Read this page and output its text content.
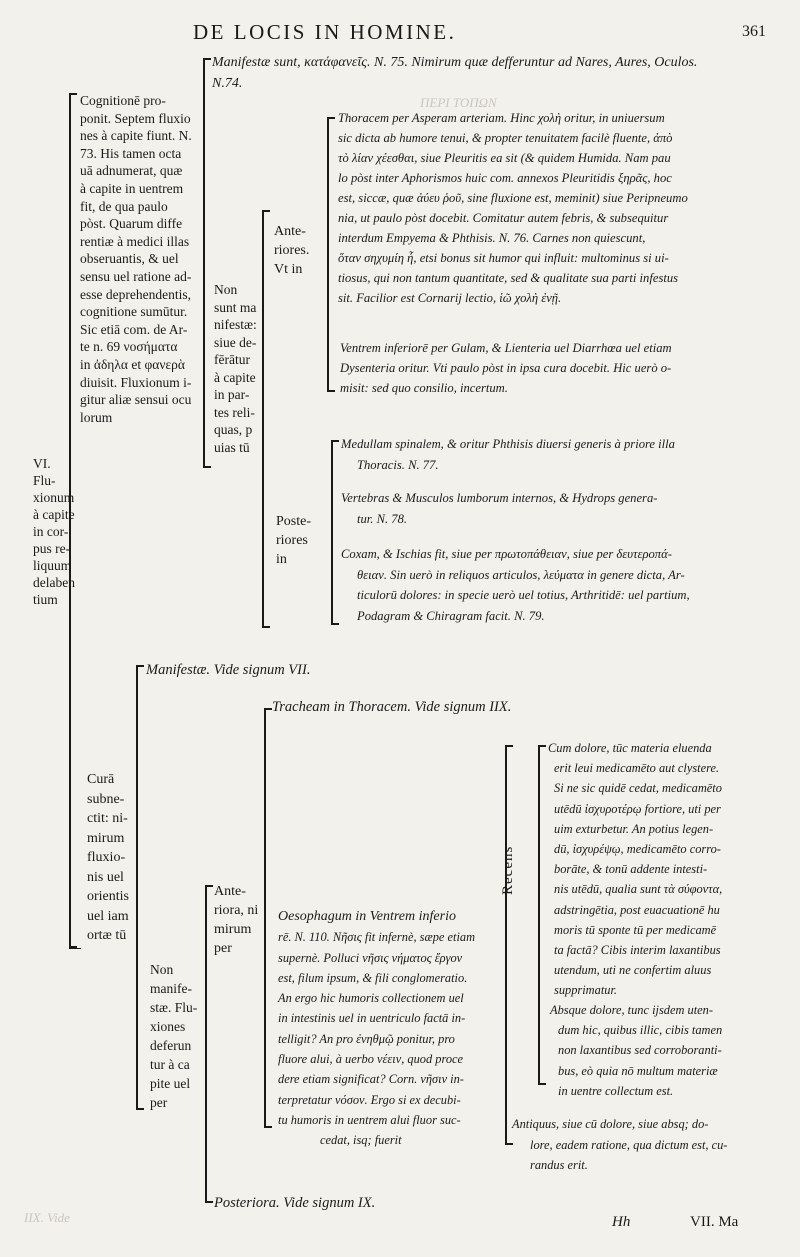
DE LOCIS IN HOMINE.	361
ΠΕΡΙ ΤΟΠΩΝ
IIX. Vide
VI.
Flu-
xionum
à capite
in cor-
pus re-
liquum
delaben
tium
Cognitionē pro-
ponit. Septem fluxio
nes à capite fiunt. N.
73. His tamen octa
uā adnumerat, quæ
à capite in uentrem
fit, de qua paulo
pòst. Quarum diffe
rentiæ à medici illas
obseruantis, & uel
sensu uel ratione ad-
esse deprehendentis,
cognitione sumūtur.
Sic etiā com. de Ar-
te n. 69 νοσήματα
in ἀδηλα et φανερὰ
diuisit. Fluxionum i-
gitur aliæ sensui ocu
lorum
Manifestæ sunt, κατάφανεῖς. N. 75. Nimirum quæ defferuntur ad Nares, Aures, Oculos.
N.74.
Non
sunt ma
nifestæ:
siue de-
fērātur
à capite
in par-
tes reli-
quas, p
uias tū
Ante-
riores.
Vt in
Poste-
riores
in
Thoracem per Asperam arteriam. Hinc χολὴ oritur, in uniuersum
sic dicta ab humore tenui, & propter tenuitatem facilè fluente, ἀπὸ
τὸ λίαν χέεσθαι, siue Pleuritis ea sit (& quidem Humida. Nam pau
lo pòst inter Aphorismos huic com. annexos Pleuritidis ξηρᾶς, hoc
est, siccæ, quæ ἀύευ ῥοῦ, sine fluxione est, meminit) siue Peripneumo
nia, ut paulo pòst docebit. Comitatur autem febris, & subsequitur
interdum Empyema & Phthisis. N. 76. Carnes non quiescunt,
ὅταν σηχυμίη ἧ, etsi bonus sit humor qui influit: multominus si ui-
tiosus, qui non tantum quantitate, sed & qualitate sua parti infestus
sit. Facilior est Cornarij lectio, ἱῶ χολὴ ἐνῇ.
Ventrem inferiorē per Gulam, & Lienteria uel Diarrhœa uel etiam
Dysenteria oritur. Vti paulo pòst in ipsa cura docebit. Hic uerò o-
misit: sed quo consilio, incertum.
Medullam spinalem, & oritur Phthisis diuersi generis à priore illa
Thoracis. N. 77.
Vertebras & Musculos lumborum internos, & Hydrops genera-
tur. N. 78.
Coxam, & Ischias fit, siue per πρωτοπάθειαν, siue per δευτεροπά-
θειαν. Sin uerò in reliquos articulos, λεύματα in genere dicta, Ar-
ticulorū dolores: in specie uerò uel totius, Arthritidē: uel partium,
Podagram & Chiragram facit. N. 79.
Curā
subne-
ctit: ni-
mirum
fluxio-
nis uel
orientis
uel iam
ortæ tū
Manifestæ. Vide signum VII.
Non
manife-
stæ. Flu-
xiones
deferun
tur à ca
pite uel
per
Ante-
riora, ni
mirum
per
Posteriora. Vide signum IX.
Tracheam in Thoracem. Vide signum IIX.
Oesophagum in Ventrem inferio
rē. N. 110. Νῆσις fit infernè, sæpe etiam
supernè. Polluci νῆσις νήματος ἔργον
est, filum ipsum, & fili conglomeratio.
An ergo hic humoris collectionem uel
in intestinis uel in uentriculo factā in-
telligit? An pro ἐνηθμῷ ponitur, pro
fluore alui, à uerbo νέειν, quod proce
dere etiam significat? Corn. νῆσιν in-
terpretatur νόσον. Ergo si ex decubi-
tu humoris in uentrem alui fluor suc-
cedat, isq; fuerit
Recens
Cum dolore, tūc materia eluenda
erit leui medicamēto aut clystere.
Si ne sic quidē cedat, medicamēto
utēdū ἰσχυροτέρῳ fortiore, uti per
uim exturbetur. An potius legen-
dū, ἰσχυρέψῳ, medicamēto corro-
borāte, & tonū addente intesti-
nis utēdū, qualia sunt τὰ σύφοντα,
adstringētia, post euacuationē hu
moris tū sponte tū per medicamē
ta factā? Cibis interim laxantibus
utendum, uti ne confertim aluus
supprimatur.
Absque dolore, tunc ijsdem uten-
dum hic, quibus illic, cibis tamen
non laxantibus sed corroboranti-
bus, eò quia nō multum materiæ
in uentre collectum est.
Antiquus, siue cū dolore, siue absq; do-
lore, eadem ratione, qua dictum est, cu-
randus erit.
Hh	VII. Ma
